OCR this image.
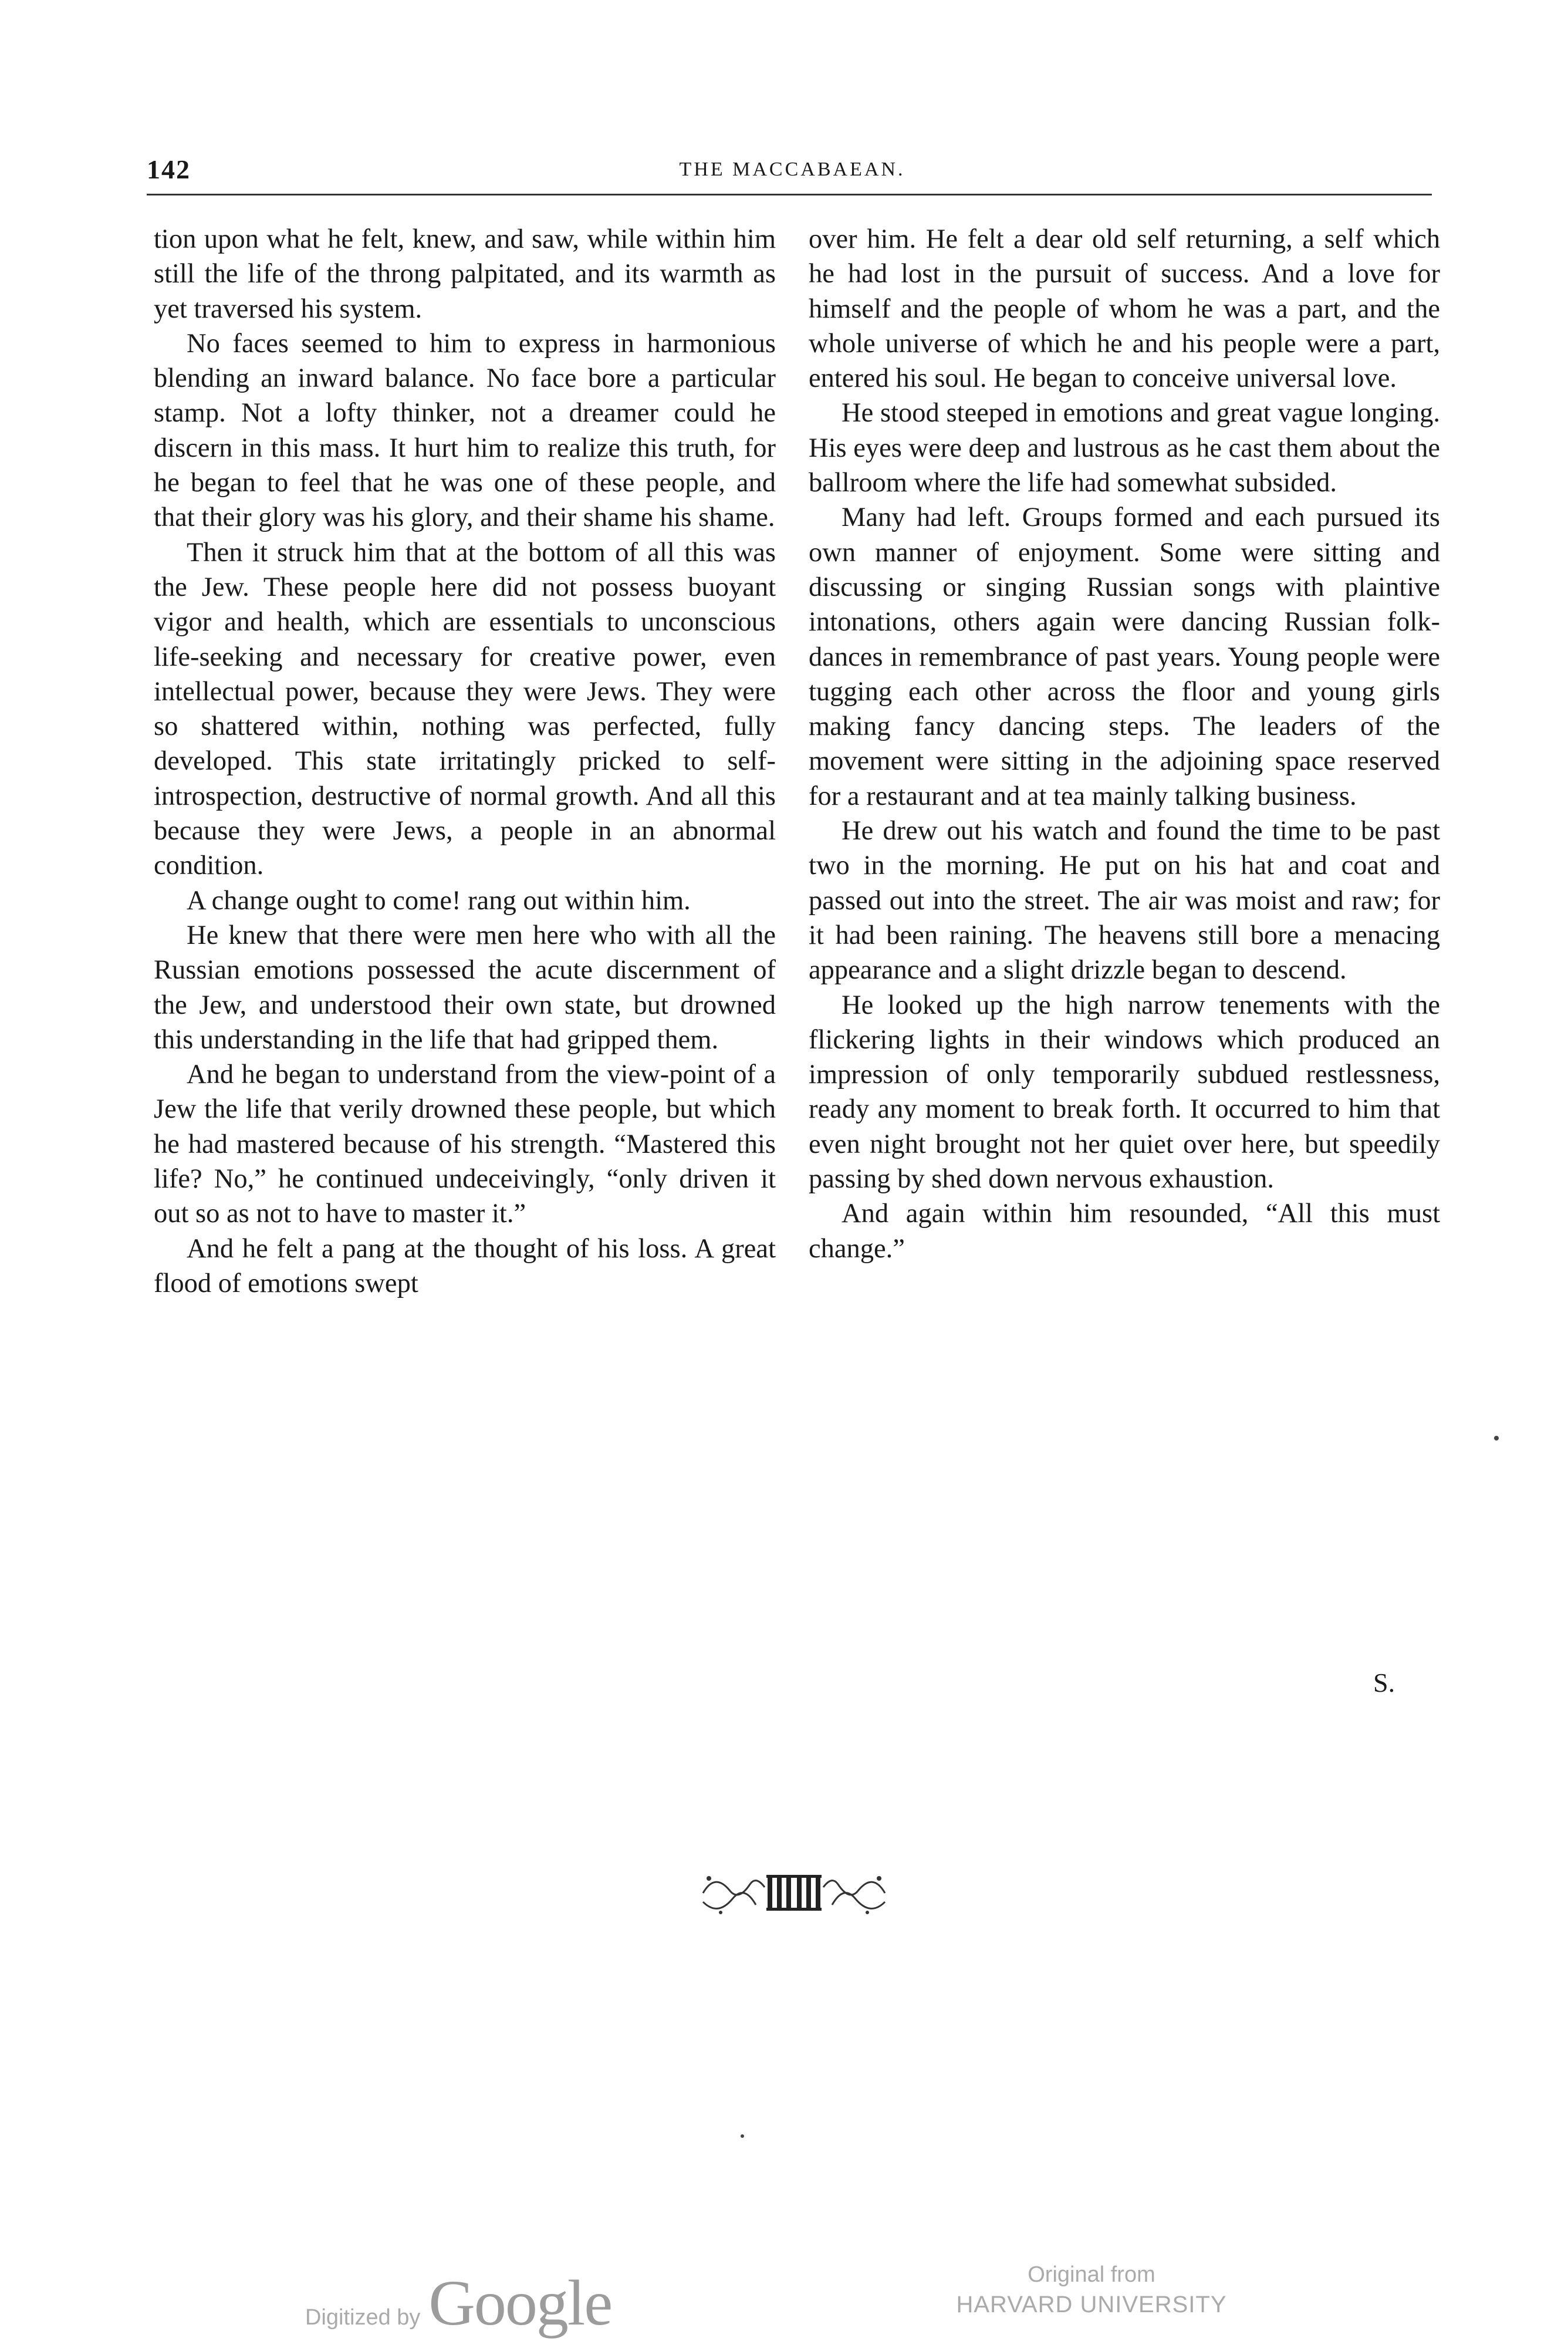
142	THE MACCABAEAN.

tion upon what he felt, knew, and saw, while within him still the life of the throng palpitated, and its warmth as yet traversed his system.

No faces seemed to him to express in harmonious blending an inward balance. No face bore a particular stamp. Not a lofty thinker, not a dreamer could he discern in this mass. It hurt him to realize this truth, for he began to feel that he was one of these people, and that their glory was his glory, and their shame his shame.

Then it struck him that at the bottom of all this was the Jew. These people here did not possess buoyant vigor and health, which are essentials to unconscious life-seeking and necessary for creative power, even intellectual power, because they were Jews. They were so shattered within, nothing was perfected, fully developed. This state irritatingly pricked to self-introspection, destructive of normal growth. And all this because they were Jews, a people in an abnormal condition.

A change ought to come! rang out within him.

He knew that there were men here who with all the Russian emotions possessed the acute discernment of the Jew, and understood their own state, but drowned this understanding in the life that had gripped them.

And he began to understand from the view-point of a Jew the life that verily drowned these people, but which he had mastered because of his strength. “Mastered this life? No,” he continued undeceivingly, “only driven it out so as not to have to master it.”

And he felt a pang at the thought of his loss. A great flood of emotions swept

over him. He felt a dear old self returning, a self which he had lost in the pursuit of success. And a love for himself and the people of whom he was a part, and the whole universe of which he and his people were a part, entered his soul. He began to conceive universal love.

He stood steeped in emotions and great vague longing. His eyes were deep and lustrous as he cast them about the ballroom where the life had somewhat subsided.

Many had left. Groups formed and each pursued its own manner of enjoyment. Some were sitting and discussing or singing Russian songs with plaintive intonations, others again were dancing Russian folk-dances in remembrance of past years. Young people were tugging each other across the floor and young girls making fancy dancing steps. The leaders of the movement were sitting in the adjoining space reserved for a restaurant and at tea mainly talking business.

He drew out his watch and found the time to be past two in the morning. He put on his hat and coat and passed out into the street. The air was moist and raw; for it had been raining. The heavens still bore a menacing appearance and a slight drizzle began to descend.

He looked up the high narrow tenements with the flickering lights in their windows which produced an impression of only temporarily subdued restlessness, ready any moment to break forth. It occurred to him that even night brought not her quiet over here, but speedily passing by shed down nervous exhaustion.

And again within him resounded, “All this must change.”

S.
Digitized by Google	Original from
HARVARD UNIVERSITY
